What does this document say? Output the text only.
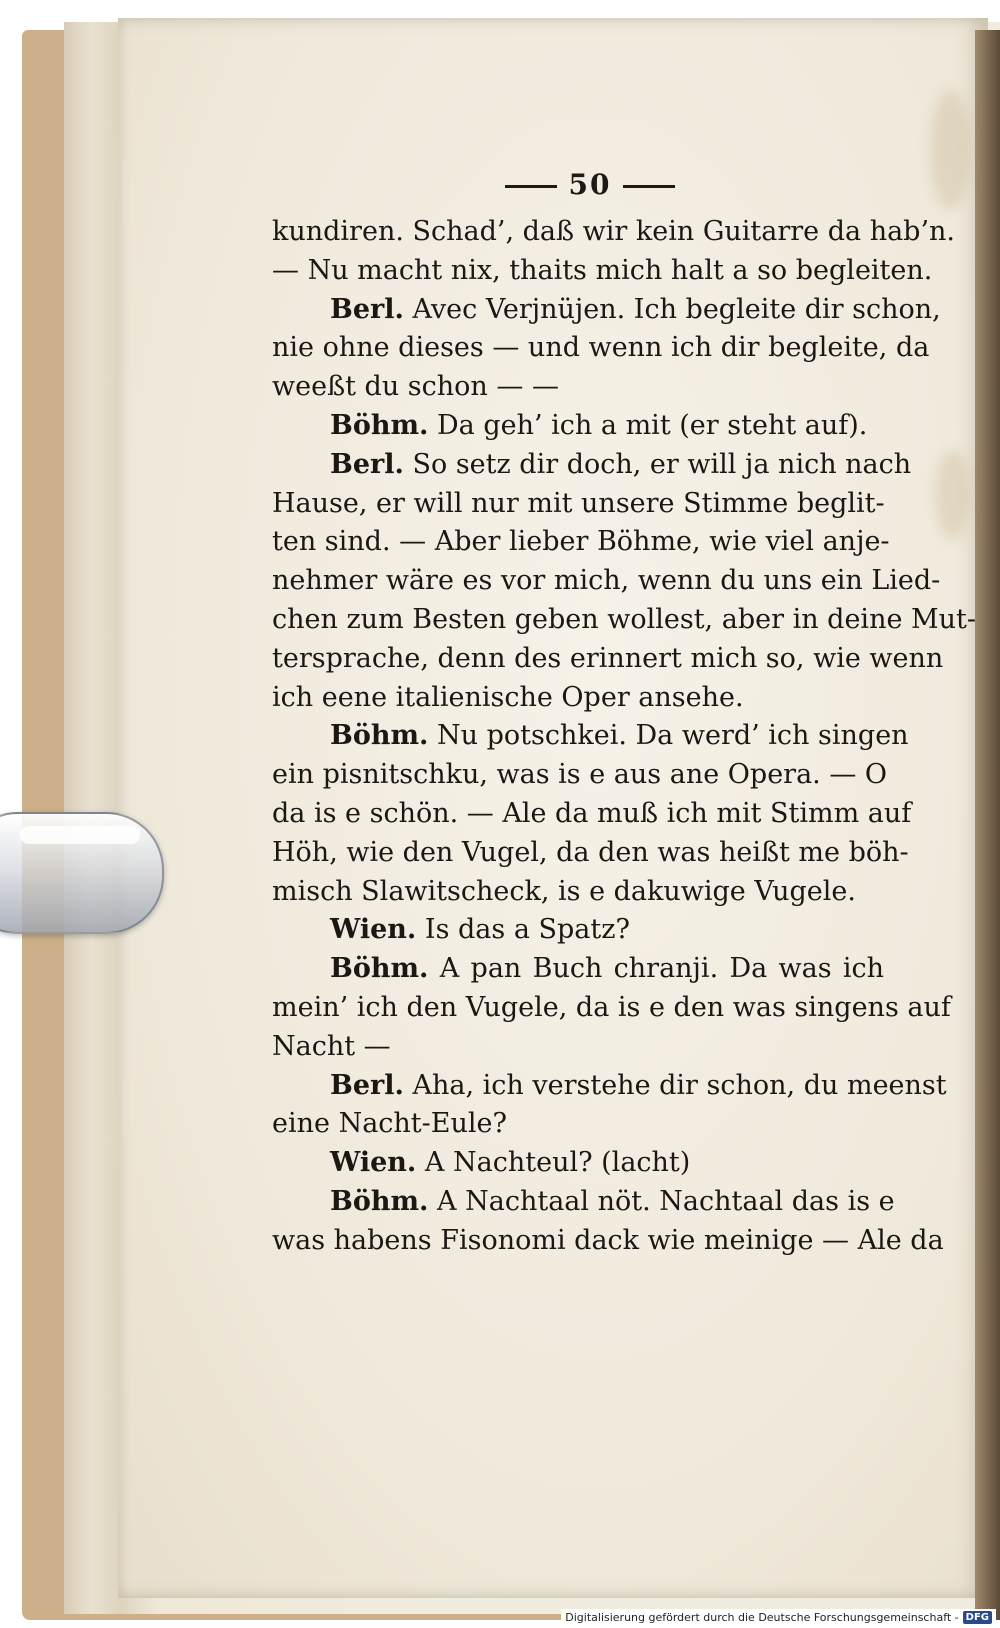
50
kundiren. Schad’, daß wir kein Guitarre da hab’n.
— Nu macht nix, thaits mich halt a so begleiten.
Berl. Avec Verjnüjen. Ich begleite dir schon,
nie ohne dieses — und wenn ich dir begleite, da
weeßt du schon — —
Böhm. Da geh’ ich a mit (er steht auf).
Berl. So setz dir doch, er will ja nich nach
Hause, er will nur mit unsere Stimme beglit-
ten sind. — Aber lieber Böhme, wie viel anje-
nehmer wäre es vor mich, wenn du uns ein Lied-
chen zum Besten geben wollest, aber in deine Mut-
tersprache, denn des erinnert mich so, wie wenn
ich eene italienische Oper ansehe.
Böhm. Nu potschkei. Da werd’ ich singen
ein pisnitschku, was is e aus ane Opera. — O
da is e schön. — Ale da muß ich mit Stimm auf
Höh, wie den Vugel, da den was heißt me böh-
misch Slawitscheck, is e dakuwige Vugele.
Wien. Is das a Spatz?
Böhm. A pan Buch chranji. Da was ich
mein’ ich den Vugele, da is e den was singens auf
Nacht —
Berl. Aha, ich verstehe dir schon, du meenst
eine Nacht-Eule?
Wien. A Nachteul? (lacht)
Böhm. A Nachtaal nöt. Nachtaal das is e
was habens Fisonomi dack wie meinige — Ale da
Digitalisierung gefördert durch die Deutsche Forschungsgemeinschaft - DFG
